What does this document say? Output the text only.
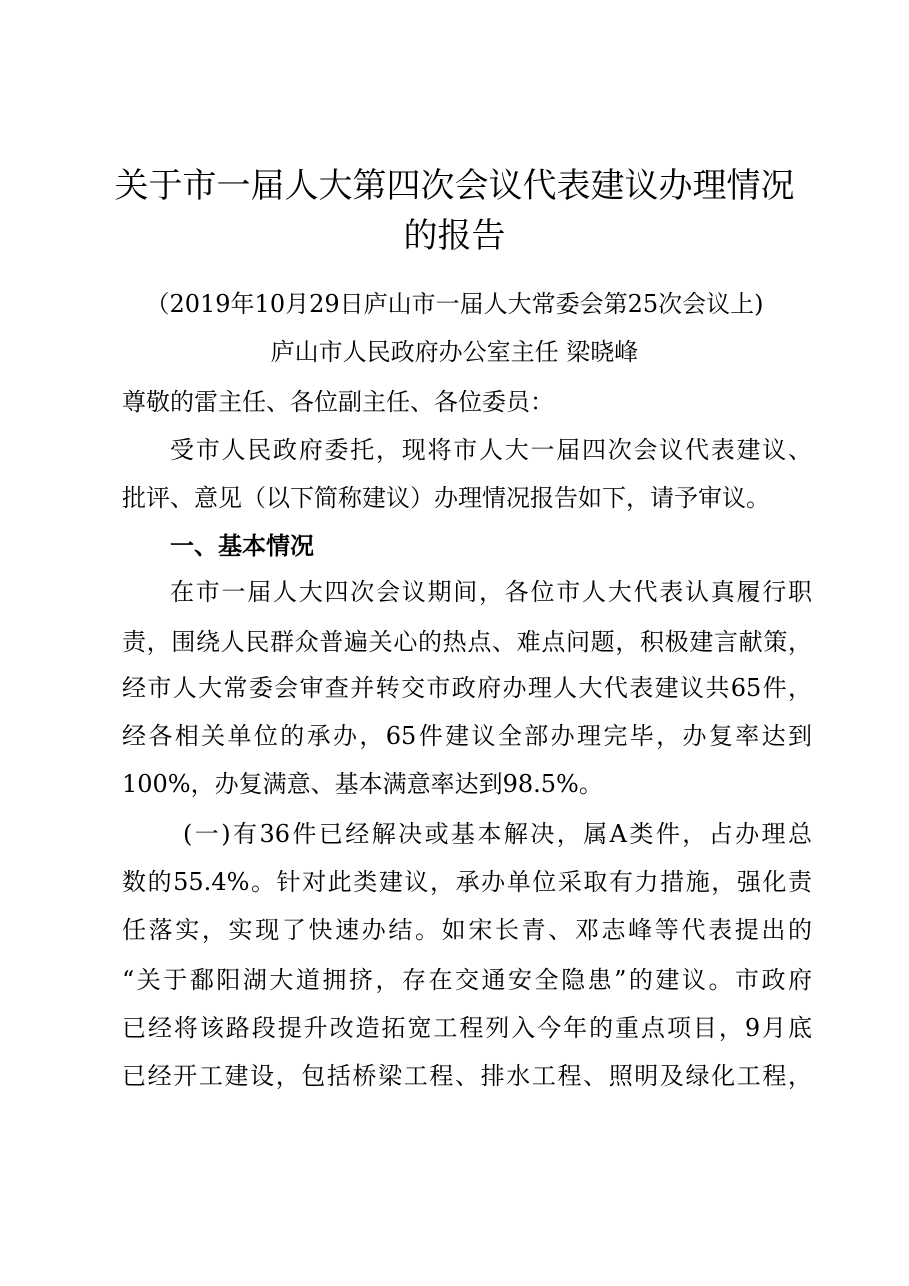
关于市一届人大第四次会议代表建议办理情况
的报告
（2019年10月29日庐山市一届人大常委会第25次会议上)
庐山市人民政府办公室主任 梁晓峰
尊敬的雷主任、各位副主任、各位委员：
受市人民政府委托，现将市人大一届四次会议代表建议、
批评、意见（以下简称建议）办理情况报告如下，请予审议。
一、基本情况
在市一届人大四次会议期间，各位市人大代表认真履行职
责，围绕人民群众普遍关心的热点、难点问题，积极建言献策，
经市人大常委会审查并转交市政府办理人大代表建议共65件，
经各相关单位的承办，65件建议全部办理完毕，办复率达到
100%，办复满意、基本满意率达到98.5%。
(一)有36件已经解决或基本解决，属A类件，占办理总
数的55.4%。针对此类建议，承办单位采取有力措施，强化责
任落实，实现了快速办结。如宋长青、邓志峰等代表提出的
“关于鄱阳湖大道拥挤，存在交通安全隐患”的建议。市政府
已经将该路段提升改造拓宽工程列入今年的重点项目，9月底
已经开工建设，包括桥梁工程、排水工程、照明及绿化工程，
